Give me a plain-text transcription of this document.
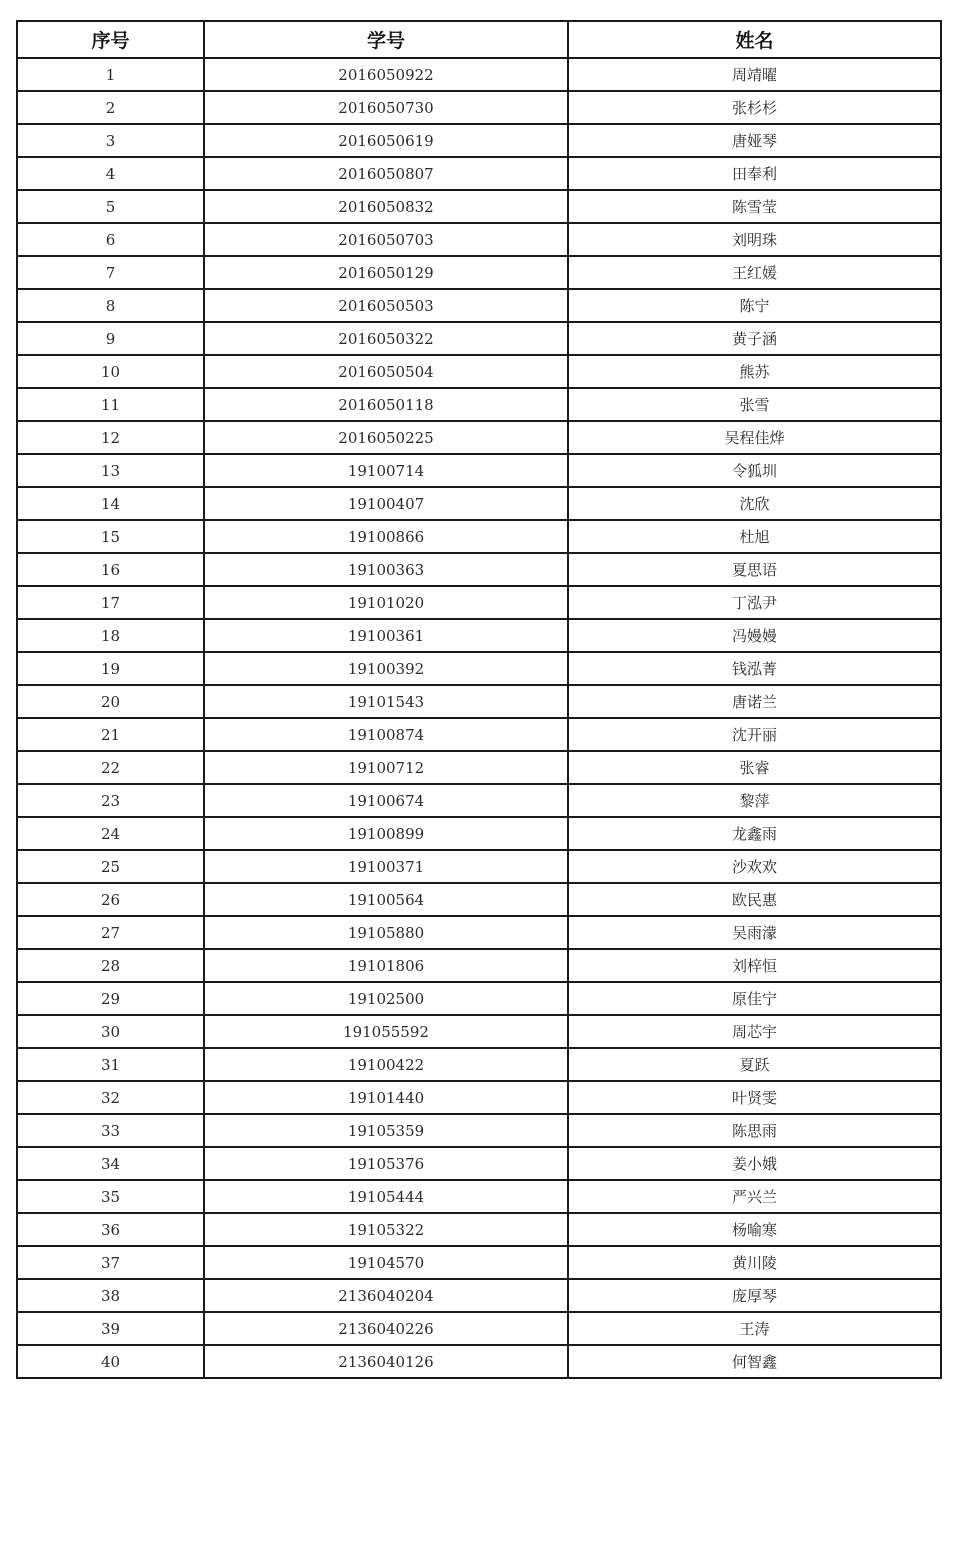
序号	学号	姓名
1	2016050922	周靖曜
2	2016050730	张杉杉
3	2016050619	唐娅琴
4	2016050807	田奉利
5	2016050832	陈雪莹
6	2016050703	刘明珠
7	2016050129	王红媛
8	2016050503	陈宁
9	2016050322	黄子涵
10	2016050504	熊苏
11	2016050118	张雪
12	2016050225	吴程佳烨
13	19100714	令狐圳
14	19100407	沈欣
15	19100866	杜旭
16	19100363	夏思语
17	19101020	丁泓尹
18	19100361	冯嫚嫚
19	19100392	钱泓菁
20	19101543	唐诺兰
21	19100874	沈开丽
22	19100712	张睿
23	19100674	黎萍
24	19100899	龙鑫雨
25	19100371	沙欢欢
26	19100564	欧民惠
27	19105880	吴雨濛
28	19101806	刘梓恒
29	19102500	原佳宁
30	191055592	周芯宇
31	19100422	夏跃
32	19101440	叶贤雯
33	19105359	陈思雨
34	19105376	姜小娥
35	19105444	严兴兰
36	19105322	杨喻寒
37	19104570	黄川陵
38	2136040204	庞厚琴
39	2136040226	王涛
40	2136040126	何智鑫
